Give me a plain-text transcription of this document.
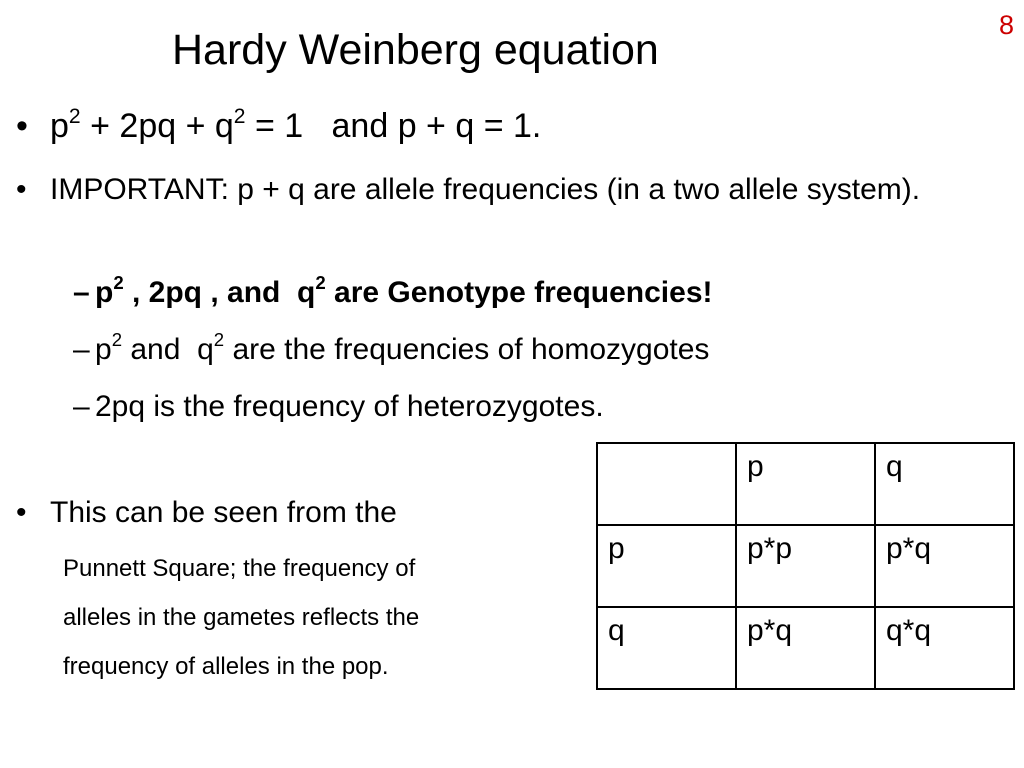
8
Hardy Weinberg equation
• $p^2 + 2pq + q^2 = 1$   and p + q = 1.
• IMPORTANT: p + q are allele frequencies (in a two allele system).
– $p^2$ , 2pq , and  $q^2$ are Genotype frequencies!
– $p^2$ and  $q^2$ are the frequencies of homozygotes
– 2pq is the frequency of heterozygotes.
• This can be seen from the
Punnett Square; the frequency of
alleles in the gametes reflects the
frequency of alleles in the pop.
	p	q
p	p*p	p*q
q	p*q	q*q
